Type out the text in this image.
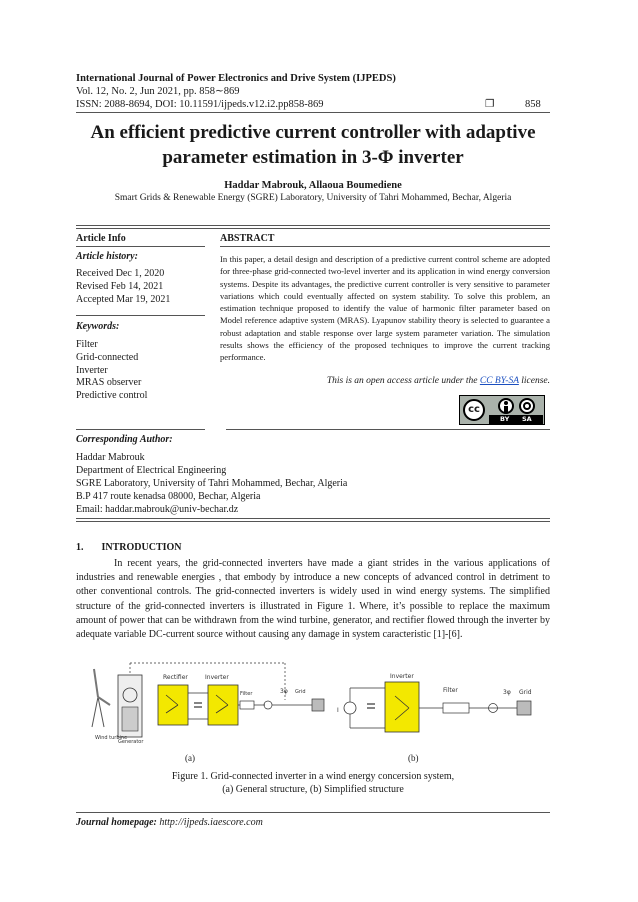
International Journal of Power Electronics and Drive System (IJPEDS)
Vol. 12, No. 2, Jun 2021, pp. 858∼869
ISSN: 2088-8694, DOI: 10.11591/ijpeds.v12.i2.pp858-869	❐	858
An efficient predictive current controller with adaptive
parameter estimation in 3-Φ inverter
Haddar Mabrouk, Allaoua Boumediene
Smart Grids & Renewable Energy (SGRE) Laboratory, University of Tahri Mohammed, Bechar, Algeria
Article Info
Article history:
Received Dec 1, 2020
Revised Feb 14, 2021
Accepted Mar 19, 2021
Keywords:
Filter
Grid-connected
Inverter
MRAS observer
Predictive control
ABSTRACT
In this paper, a detail design and description of a predictive current control scheme are adopted for three-phase grid-connected two-level inverter and its application in wind energy conversion systems. Despite its advantages, the predictive current controller is very sensitive to parameter variations which could eventually affected on system stability. To solve this problem, an estimation technique proposed to identify the value of harmonic filter parameter based on Model reference adaptive system (MRAS). Lyapunov stability theory is selected to guarantee a robust adaptation and stable response over large system parameter variation. The simulation results shows the efficiency of the proposed techniques to improve the current tracking performance.
This is an open access article under the CC BY-SA license.
cc
BY SA
Corresponding Author:
Haddar Mabrouk
Department of Electrical Engineering
SGRE Laboratory, University of Tahri Mohammed, Bechar, Algeria
B.P 417 route kenadsa 08000, Bechar, Algeria
Email: haddar.mabrouk@univ-bechar.dz
1. INTRODUCTION

In recent years, the grid-connected inverters have made a giant strides in the various applications of industries and renewable energies , that embody by introduce a new concepts of advanced control in detriment to other conventional controls. The grid-connected inverters is widely used in wind energy systems. The simplified structure of the grid-connected inverters is illustrated in Figure 1. Where, it’s possible to replace the maximum amount of power that can be withdrawn from the wind turbine, generator, and rectifier flowed through the inverter by adequate variable DC-current source without causing any damage in system caracteristic [1]-[6].

Rectifier	Inverter
Filter	3φ Grid
Wind turbine
Generator
I
Inverter
Filter	3φ Grid
(a)	(b)
Figure 1. Grid-connected inverter in a wind energy concersion system,
(a) General structure, (b) Simplified structure
Journal homepage: http://ijpeds.iaescore.com
